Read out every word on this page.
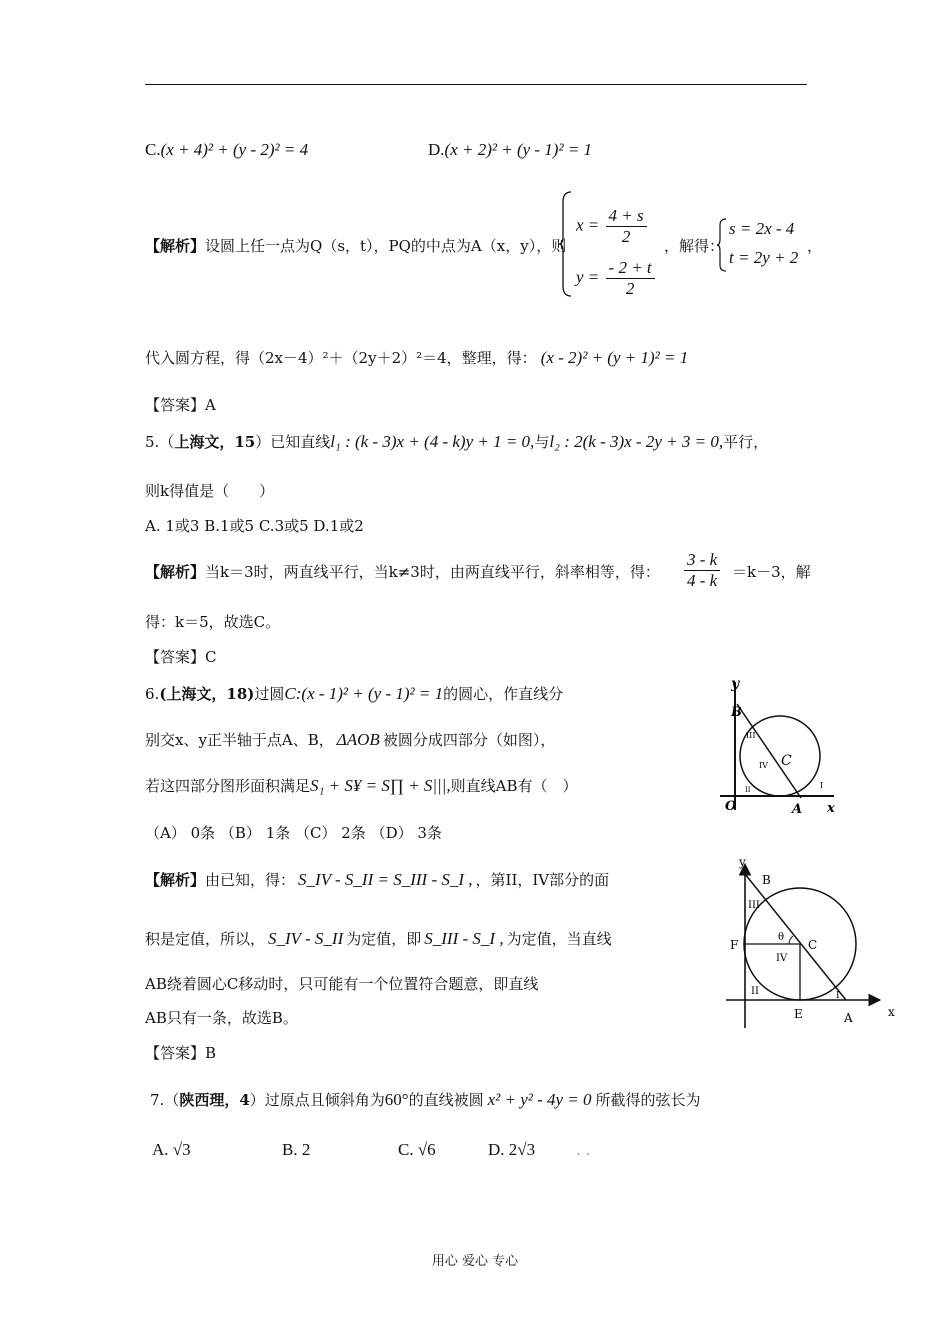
C.(x + 4)² + (y - 2)² = 4	D.(x + 2)² + (y - 1)² = 1
【解析】设圆上任一点为Q（s，t），PQ的中点为A（x，y），则
$x = \frac{4 + s}{2}$
$y = \frac{- 2 + t}{2}$
，解得：
s = 2x - 4
t = 2y + 2
，
代入圆方程，得（2x－4）²＋（2y＋2）²＝4，整理，得： (x - 2)² + (y + 1)² = 1
【答案】A
5.（上海文，15）已知直线l₁ : (k - 3)x + (4 - k)y + 1 = 0,与l₂ : 2(k - 3)x - 2y + 3 = 0,平行，
则k得值是（　　）
A. 1或3 B.1或5 C.3或5 D.1或2
【解析】当k＝3时，两直线平行，当k≠3时，由两直线平行，斜率相等，得： $\frac{3 - k}{4 - k} =k-3$，解
得：k＝5，故选C。
【答案】C
6.(上海文，18)过圆C:(x - 1)² + (y - 1)² = 1的圆心，作直线分
别交x、y正半轴于点A、B， ΔAOB 被圆分成四部分（如图），
若这四部分图形面积满足S₁ + S¥ = S∏ + S|||,则直线AB有（　）
（A） 0条 （B） 1条 （C） 2条 （D） 3条
【解析】由已知，得： S_IV - S_II = S_III - S_I , ，第II，IV部分的面
积是定值，所以， S_IV - S_II 为定值，即 S_III - S_I , 为定值，当直线
AB绕着圆心C移动时，只可能有一个位置符合题意，即直线
AB只有一条，故选B。
【答案】B
7.（陕西理，4）过原点且倾斜角为60°的直线被圆 x² + y² - 4y = 0 所截得的弦长为
A. √3	B. 2	C. √6	D. 2√3	. .
y
B
III
C
IV
I
II
O	A x
y
B
III
θ
F	C
IV
II
E
I
A	x
用心 爱心 专心
